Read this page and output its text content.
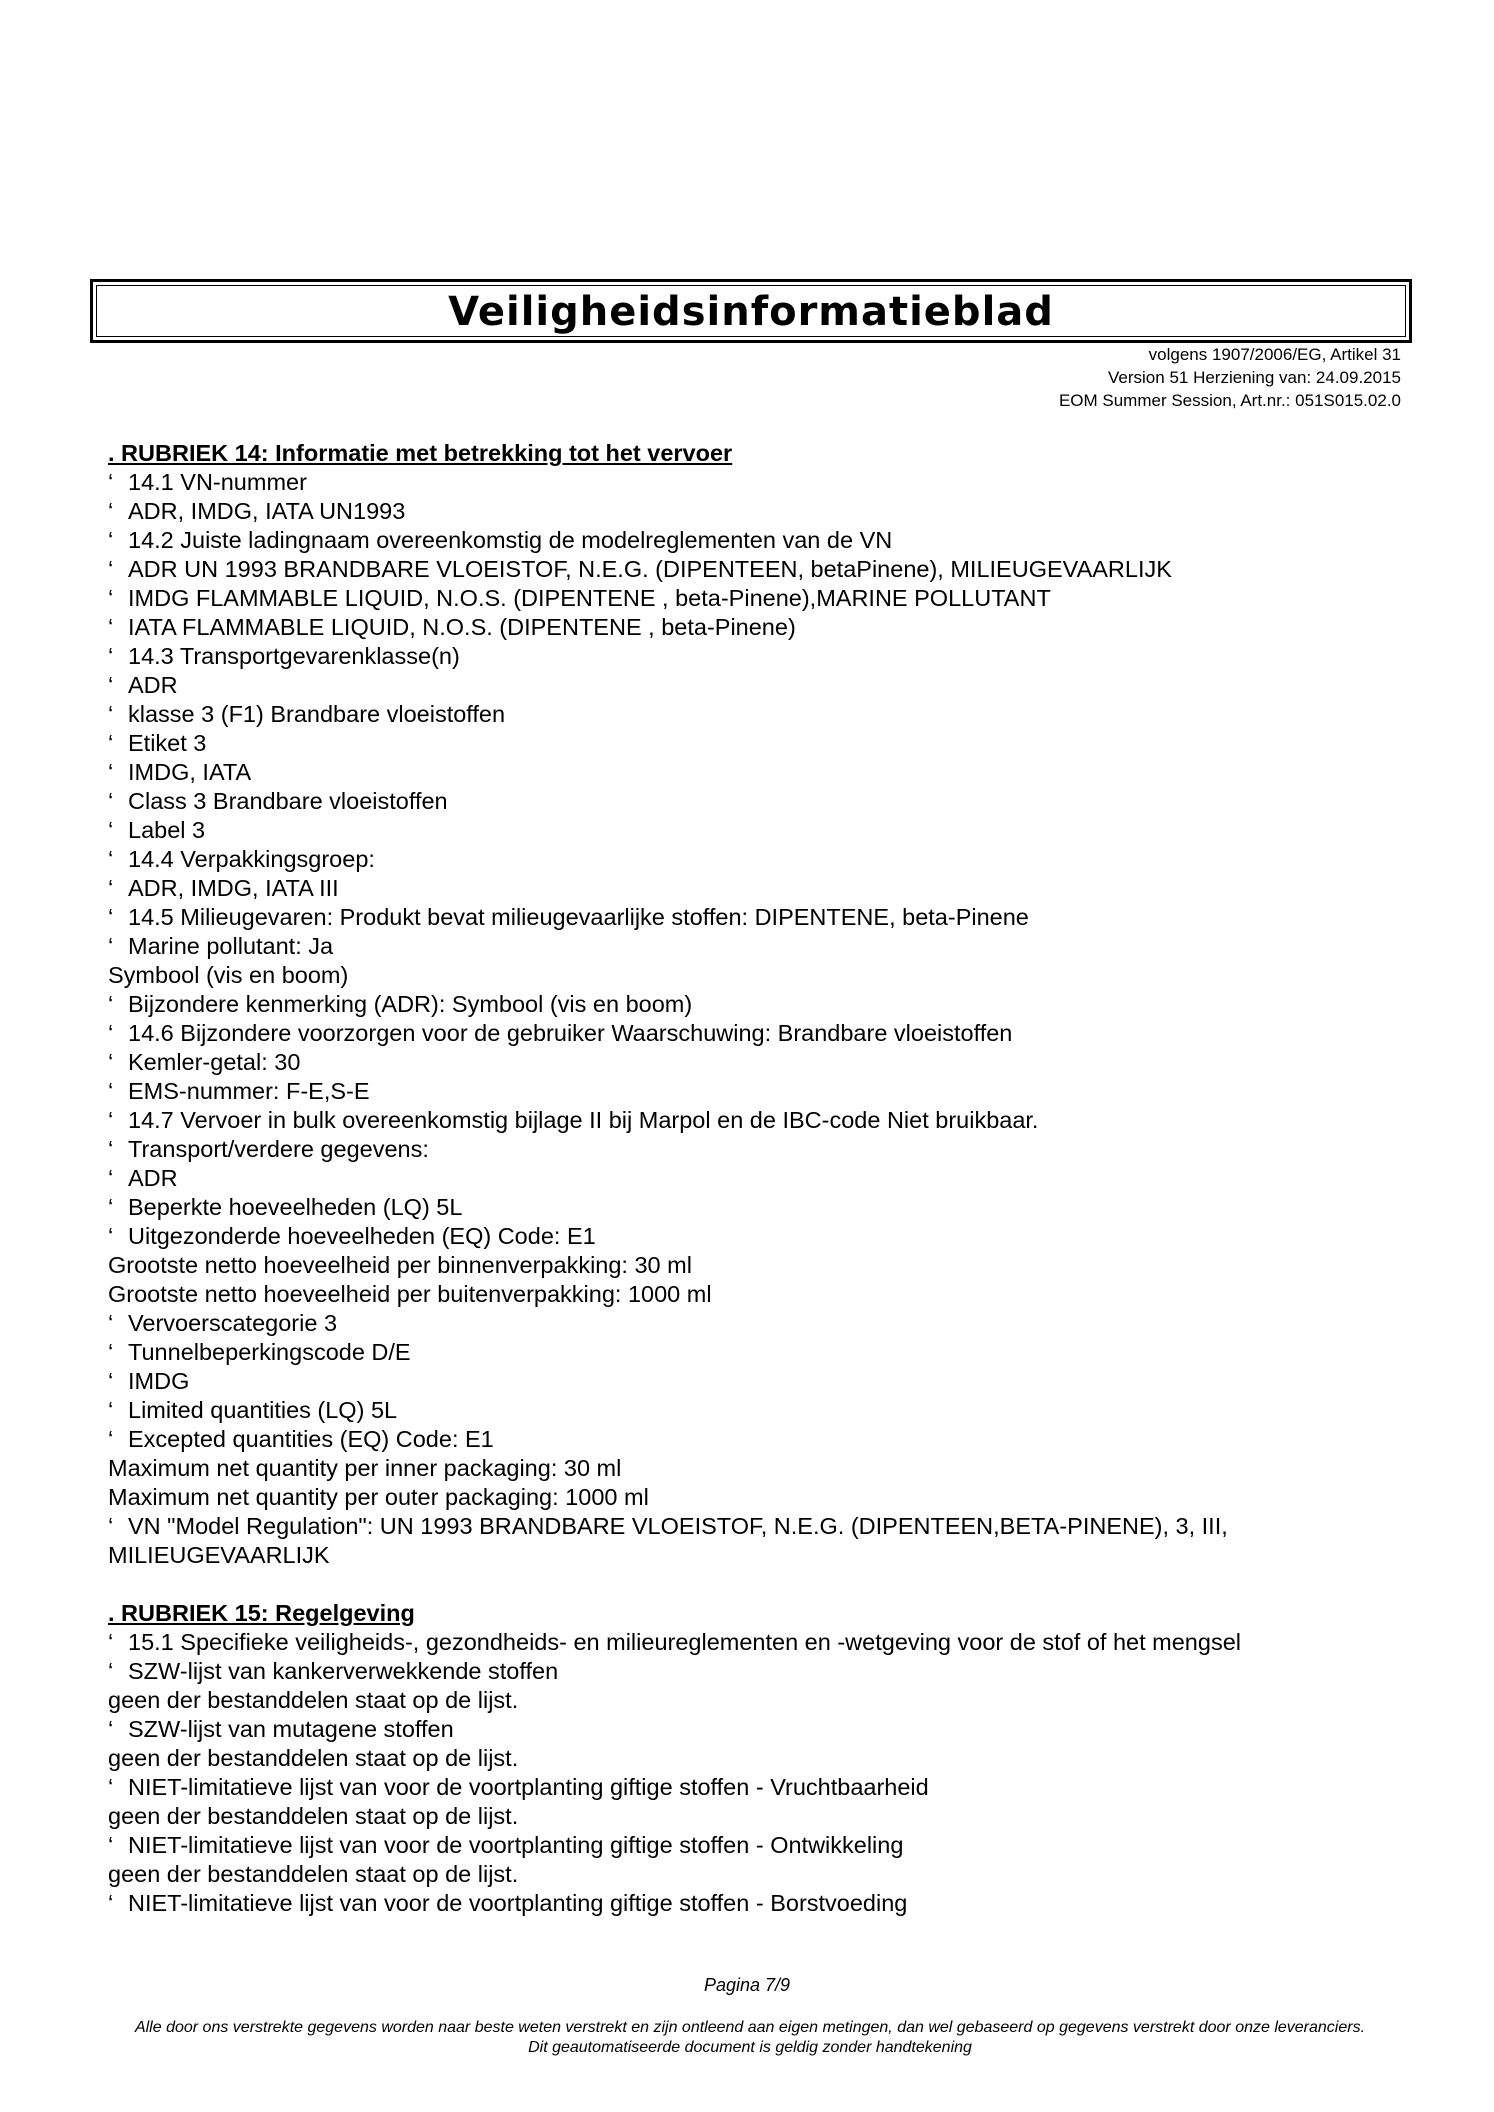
Veiligheidsinformatieblad
volgens 1907/2006/EG, Artikel 31
Version 51 Herziening van: 24.09.2015
EOM Summer Session, Art.nr.: 051S015.02.0
. RUBRIEK 14: Informatie met betrekking tot het vervoer
‘ 14.1 VN-nummer
‘ ADR, IMDG, IATA UN1993
‘ 14.2 Juiste ladingnaam overeenkomstig de modelreglementen van de VN
‘ ADR UN 1993 BRANDBARE VLOEISTOF, N.E.G. (DIPENTEEN, betaPinene), MILIEUGEVAARLIJK
‘ IMDG FLAMMABLE LIQUID, N.O.S. (DIPENTENE , beta-Pinene),MARINE POLLUTANT
‘ IATA FLAMMABLE LIQUID, N.O.S. (DIPENTENE , beta-Pinene)
‘ 14.3 Transportgevarenklasse(n)
‘ ADR
‘ klasse 3 (F1) Brandbare vloeistoffen
‘ Etiket 3
‘ IMDG, IATA
‘ Class 3 Brandbare vloeistoffen
‘ Label 3
‘ 14.4 Verpakkingsgroep:
‘ ADR, IMDG, IATA III
‘ 14.5 Milieugevaren: Produkt bevat milieugevaarlijke stoffen: DIPENTENE, beta-Pinene
‘ Marine pollutant: Ja
Symbool (vis en boom)
‘ Bijzondere kenmerking (ADR): Symbool (vis en boom)
‘ 14.6 Bijzondere voorzorgen voor de gebruiker Waarschuwing: Brandbare vloeistoffen
‘ Kemler-getal: 30
‘ EMS-nummer: F-E,S-E
‘ 14.7 Vervoer in bulk overeenkomstig bijlage II bij Marpol en de IBC-code Niet bruikbaar.
‘ Transport/verdere gegevens:
‘ ADR
‘ Beperkte hoeveelheden (LQ) 5L
‘ Uitgezonderde hoeveelheden (EQ) Code: E1
Grootste netto hoeveelheid per binnenverpakking: 30 ml
Grootste netto hoeveelheid per buitenverpakking: 1000 ml
‘ Vervoerscategorie 3
‘ Tunnelbeperkingscode D/E
‘ IMDG
‘ Limited quantities (LQ) 5L
‘ Excepted quantities (EQ) Code: E1
Maximum net quantity per inner packaging: 30 ml
Maximum net quantity per outer packaging: 1000 ml
‘ VN "Model Regulation": UN 1993 BRANDBARE VLOEISTOF, N.E.G. (DIPENTEEN,BETA-PINENE), 3, III,
MILIEUGEVAARLIJK
. RUBRIEK 15: Regelgeving
‘ 15.1 Specifieke veiligheids-, gezondheids- en milieureglementen en -wetgeving voor de stof of het mengsel
‘ SZW-lijst van kankerverwekkende stoffen
geen der bestanddelen staat op de lijst.
‘ SZW-lijst van mutagene stoffen
geen der bestanddelen staat op de lijst.
‘ NIET-limitatieve lijst van voor de voortplanting giftige stoffen - Vruchtbaarheid
geen der bestanddelen staat op de lijst.
‘ NIET-limitatieve lijst van voor de voortplanting giftige stoffen - Ontwikkeling
geen der bestanddelen staat op de lijst.
‘ NIET-limitatieve lijst van voor de voortplanting giftige stoffen - Borstvoeding
Pagina 7/9
Alle door ons verstrekte gegevens worden naar beste weten verstrekt en zijn ontleend aan eigen metingen, dan wel gebaseerd op gegevens verstrekt door onze leveranciers.
Dit geautomatiseerde document is geldig zonder handtekening
